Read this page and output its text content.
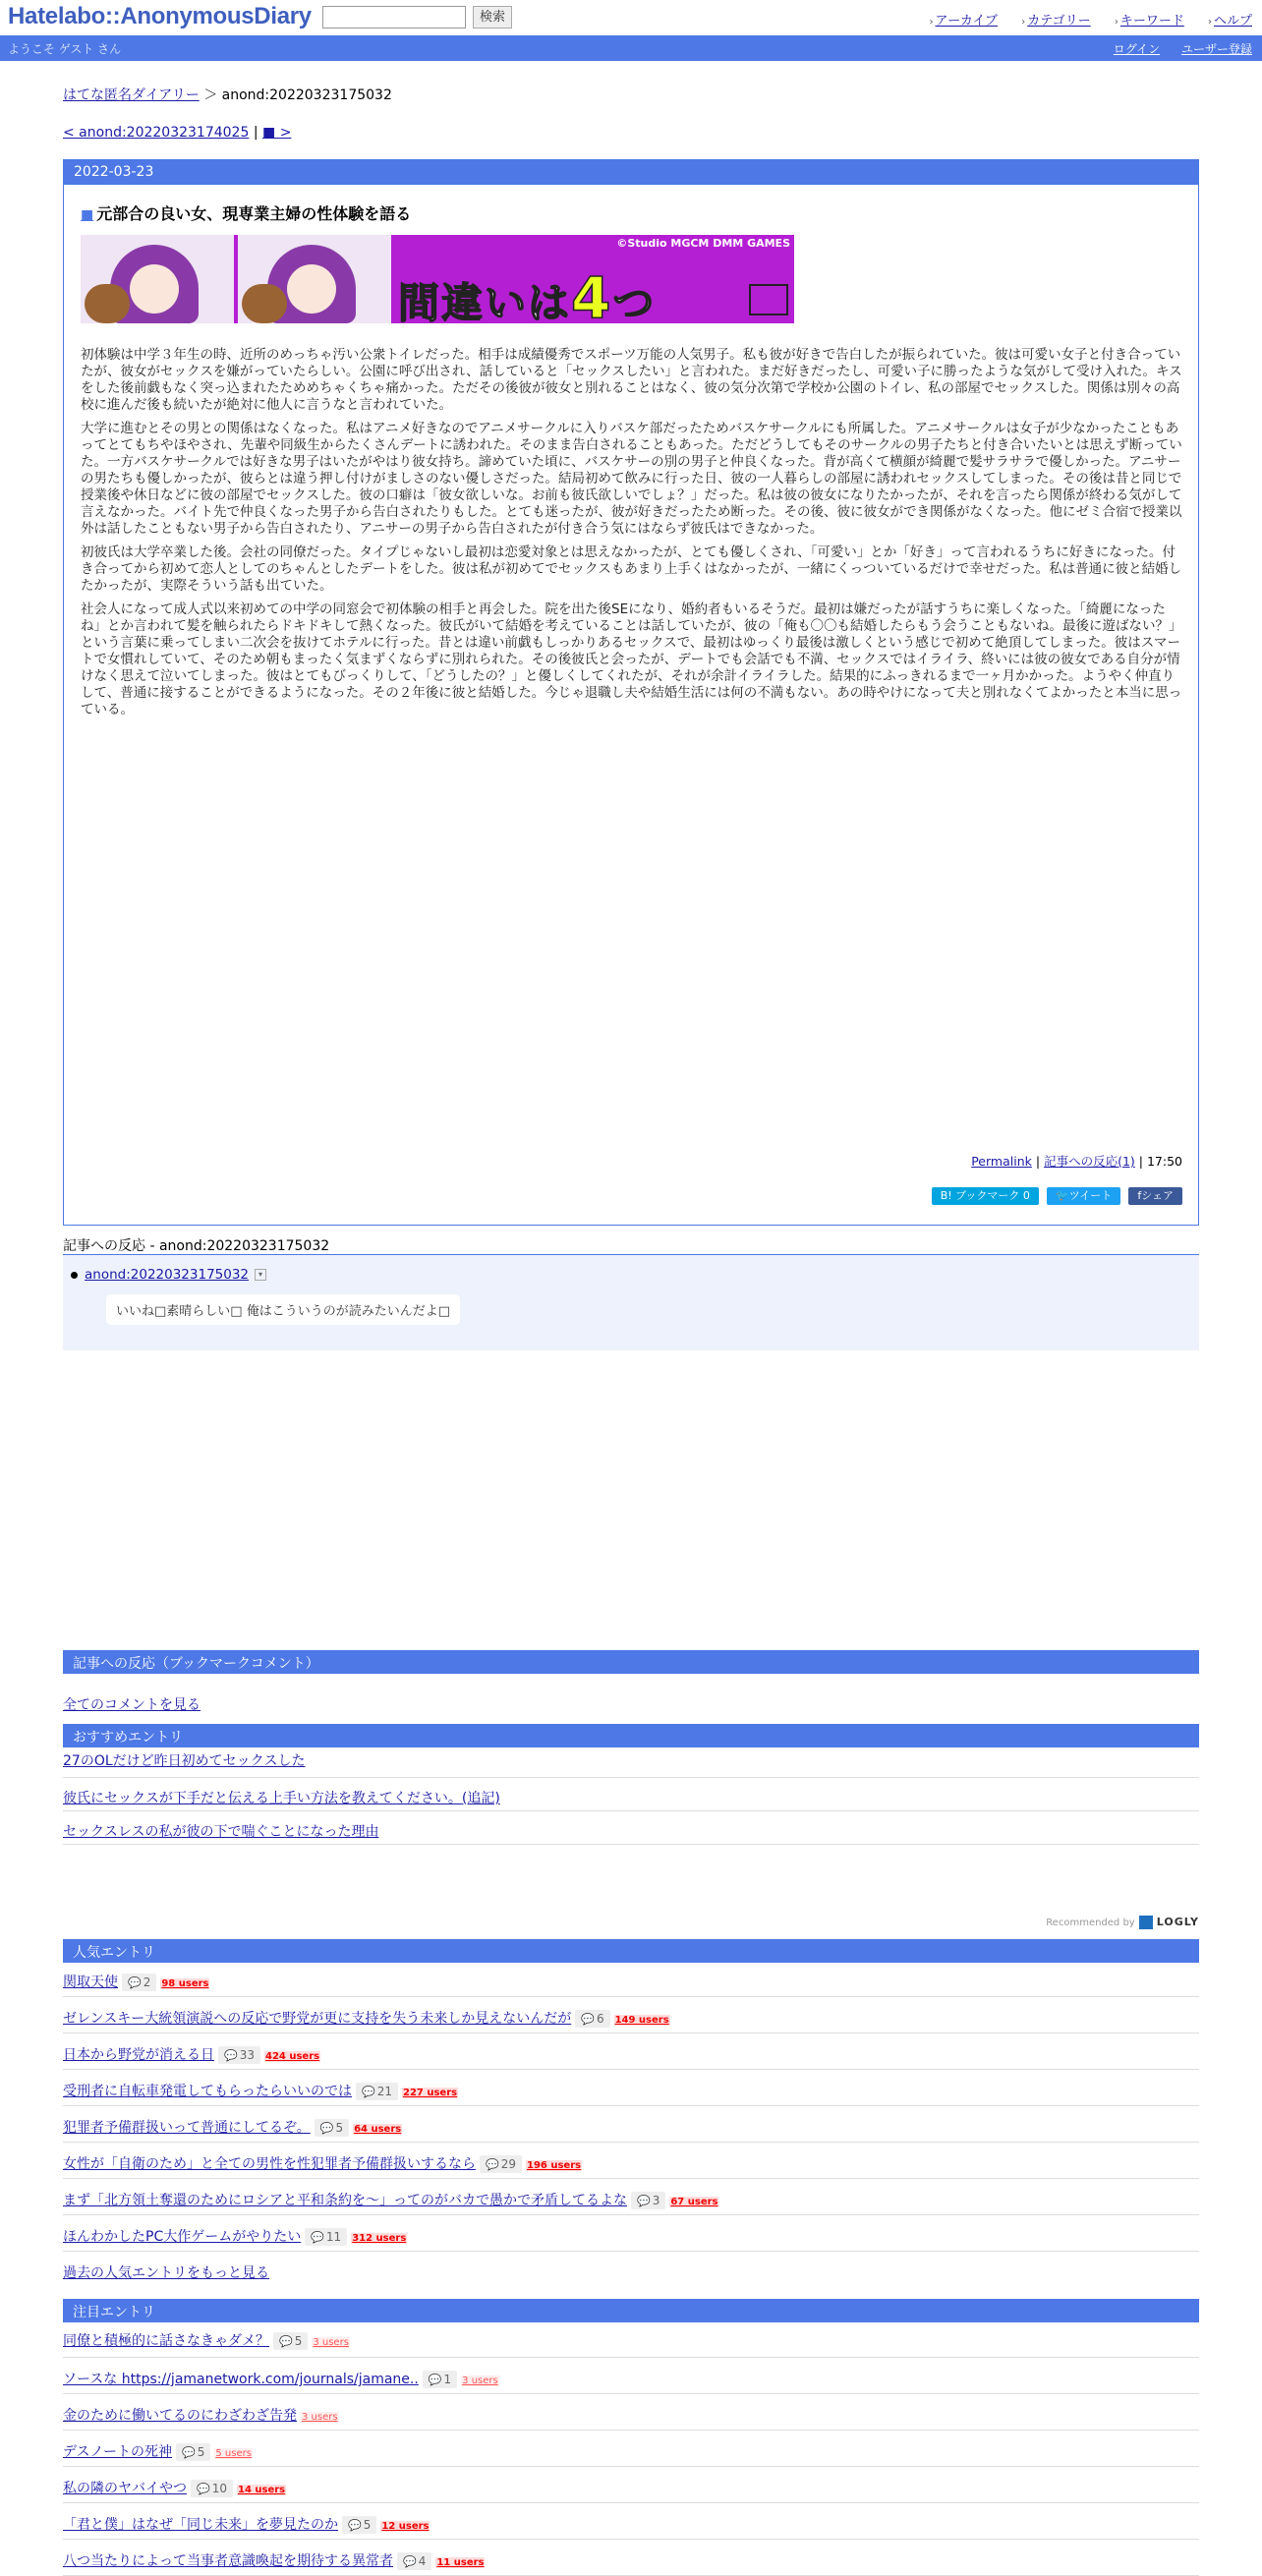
Hatelabo::AnonymousDiary	検索	› アーカイブ › カテゴリー › キーワード › ヘルプ
ようこそ ゲスト さん	ログイン ユーザー登録
はてな匿名ダイアリー ＞ anond:20220323175032
< anond:20220323174025 | ■ >
2022-03-23
■ 元部合の良い女、現専業主婦の性体験を語る
間違いは4つ
©Studio MGCM DMM GAMES

初体験は中学３年生の時、近所のめっちゃ汚い公衆トイレだった。相手は成績優秀でスポーツ万能の人気男子。私も彼が好きで告白したが振られていた。彼は可愛い女子と付き合っていたが、彼女がセックスを嫌がっていたらしい。公園に呼び出され、話していると「セックスしたい」と言われた。まだ好きだったし、可愛い子に勝ったような気がして受け入れた。キスをした後前戯もなく突っ込まれたためめちゃくちゃ痛かった。ただその後彼が彼女と別れることはなく、彼の気分次第で学校か公園のトイレ、私の部屋でセックスした。関係は別々の高校に進んだ後も続いたが絶対に他人に言うなと言われていた。

大学に進むとその男との関係はなくなった。私はアニメ好きなのでアニメサークルに入りバスケ部だったためバスケサークルにも所属した。アニメサークルは女子が少なかったこともあってとてもちやほやされ、先輩や同級生からたくさんデートに誘われた。そのまま告白されることもあった。ただどうしてもそのサークルの男子たちと付き合いたいとは思えず断っていた。一方バスケサークルでは好きな男子はいたがやはり彼女持ち。諦めていた頃に、バスケサーの別の男子と仲良くなった。背が高くて横顔が綺麗で髪サラサラで優しかった。アニサーの男たちも優しかったが、彼らとは違う押し付けがましさのない優しさだった。結局初めて飲みに行った日、彼の一人暮らしの部屋に誘われセックスしてしまった。その後は昔と同じで授業後や休日などに彼の部屋でセックスした。彼の口癖は「彼女欲しいな。お前も彼氏欲しいでしょ？」だった。私は彼の彼女になりたかったが、それを言ったら関係が終わる気がして言えなかった。バイト先で仲良くなった男子から告白されたりもした。とても迷ったが、彼が好きだったため断った。その後、彼に彼女ができ関係がなくなった。他にゼミ合宿で授業以外は話したこともない男子から告白されたり、アニサーの男子から告白されたが付き合う気にはならず彼氏はできなかった。

初彼氏は大学卒業した後。会社の同僚だった。タイプじゃないし最初は恋愛対象とは思えなかったが、とても優しくされ、「可愛い」とか「好き」って言われるうちに好きになった。付き合ってから初めて恋人としてのちゃんとしたデートをした。彼は私が初めてでセックスもあまり上手くはなかったが、一緒にくっついているだけで幸せだった。私は普通に彼と結婚したかったが、実際そういう話も出ていた。

社会人になって成人式以来初めての中学の同窓会で初体験の相手と再会した。院を出た後SEになり、婚約者もいるそうだ。最初は嫌だったが話すうちに楽しくなった。「綺麗になったね」とか言われて髪を触られたらドキドキして熱くなった。彼氏がいて結婚を考えていることは話していたが、彼の「俺も〇〇も結婚したらもう会うこともないね。最後に遊ばない？」という言葉に乗ってしまい二次会を抜けてホテルに行った。昔とは違い前戯もしっかりあるセックスで、最初はゆっくり最後は激しくという感じで初めて絶頂してしまった。彼はスマートで女慣れしていて、そのため朝もまったく気まずくならずに別れられた。その後彼氏と会ったが、デートでも会話でも不満、セックスではイライラ、終いには彼の彼女である自分が情けなく思えて泣いてしまった。彼はとてもびっくりして、「どうしたの？」と優しくしてくれたが、それが余計イライラした。結果的にふっきれるまで一ヶ月かかった。ようやく仲直りして、普通に接することができるようになった。その２年後に彼と結婚した。今じゃ退職し夫や結婚生活には何の不満もない。あの時やけになって夫と別れなくてよかったと本当に思っている。

Permalink | 記事への反応(1) | 17:50
B! ブックマーク 0 🐦ツイート fシェア
記事への反応 - anond:20220323175032
anond:20220323175032 ▾
いいね□素晴らしい□ 俺はこういうのが読みたいんだよ□
記事への反応（ブックマークコメント）
全てのコメントを見る
おすすめエントリ
27のOLだけど昨日初めてセックスした
彼氏にセックスが下手だと伝える上手い方法を教えてください。(追記)
セックスレスの私が彼の下で喘ぐことになった理由
Recommended by LOGLY
人気エントリ
関取天使 💬 2 98 users
ゼレンスキー大統領演説への反応で野党が更に支持を失う未来しか見えないんだが 💬 6 149 users
日本から野党が消える日 💬 33 424 users
受刑者に自転車発電してもらったらいいのでは 💬 21 227 users
犯罪者予備群扱いって普通にしてるぞ。 💬 5 64 users
女性が「自衛のため」と全ての男性を性犯罪者予備群扱いするなら 💬 29 196 users
まず「北方領土奪還のためにロシアと平和条約を～」ってのがバカで愚かで矛盾してるよな 💬 3 67 users
ほんわかしたPC大作ゲームがやりたい 💬 11 312 users
過去の人気エントリをもっと見る
注目エントリ
同僚と積極的に話さなきゃダメ？ 💬 5 3 users
ソースな https://jamanetwork.com/journals/jamane.. 💬 1 3 users
金のために働いてるのにわざわざ告発 3 users
デスノートの死神 💬 5 5 users
私の隣のヤバイやつ 💬 10 14 users
「君と僕」はなぜ「同じ未来」を夢見たのか 💬 5 12 users
八つ当たりによって当事者意識喚起を期待する異常者 💬 4 11 users
